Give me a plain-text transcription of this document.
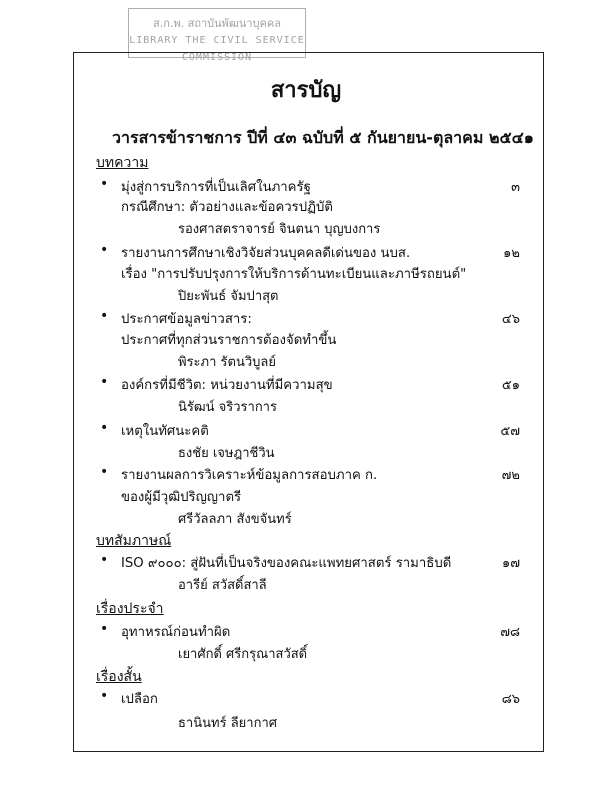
ส.ก.พ. สถาบันพัฒนาบุคคล
LIBRARY THE CIVIL SERVICE COMMISSION
สารบัญ
วารสารข้าราชการ ปีที่ ๔๓ ฉบับที่ ๕ กันยายน-ตุลาคม ๒๕๔๑
บทความ
• มุ่งสู่การบริการที่เป็นเลิศในภาครัฐ	๓
กรณีศึกษา: ตัวอย่างและข้อควรปฏิบัติ
รองศาสตราจารย์ จินตนา บุญบงการ
• รายงานการศึกษาเชิงวิจัยส่วนบุคคลดีเด่นของ นบส.	๑๒
เรื่อง "การปรับปรุงการให้บริการด้านทะเบียนและภาษีรถยนต์"
ปิยะพันธ์ จัมปาสุต
• ประกาศข้อมูลข่าวสาร:	๔๖
ประกาศที่ทุกส่วนราชการต้องจัดทำขึ้น
พิระภา รัตนวิบูลย์
• องค์กรที่มีชีวิต: หน่วยงานที่มีความสุข	๕๑
นิรัฒน์ จริวราการ
• เหตุในทัศนะคติ	๕๗
ธงชัย เจษฎาชีวิน
• รายงานผลการวิเคราะห์ข้อมูลการสอบภาค ก.	๗๒
ของผู้มีวุฒิปริญญาตรี
ศรีวัลลภา สังขจันทร์
บทสัมภาษณ์
• ISO ๙๐๐๐: สู่ฝันที่เป็นจริงของคณะแพทยศาสตร์ รามาธิบดี	๑๗
อารีย์ สวัสดิ์สาลี
เรื่องประจำ
• อุทาหรณ์ก่อนทำผิด	๗๘
เยาศักดิ์ ศรีกรุณาสวัสดิ์
เรื่องสั้น
• เปลือก	๘๖
ธานินทร์ ลียากาศ
